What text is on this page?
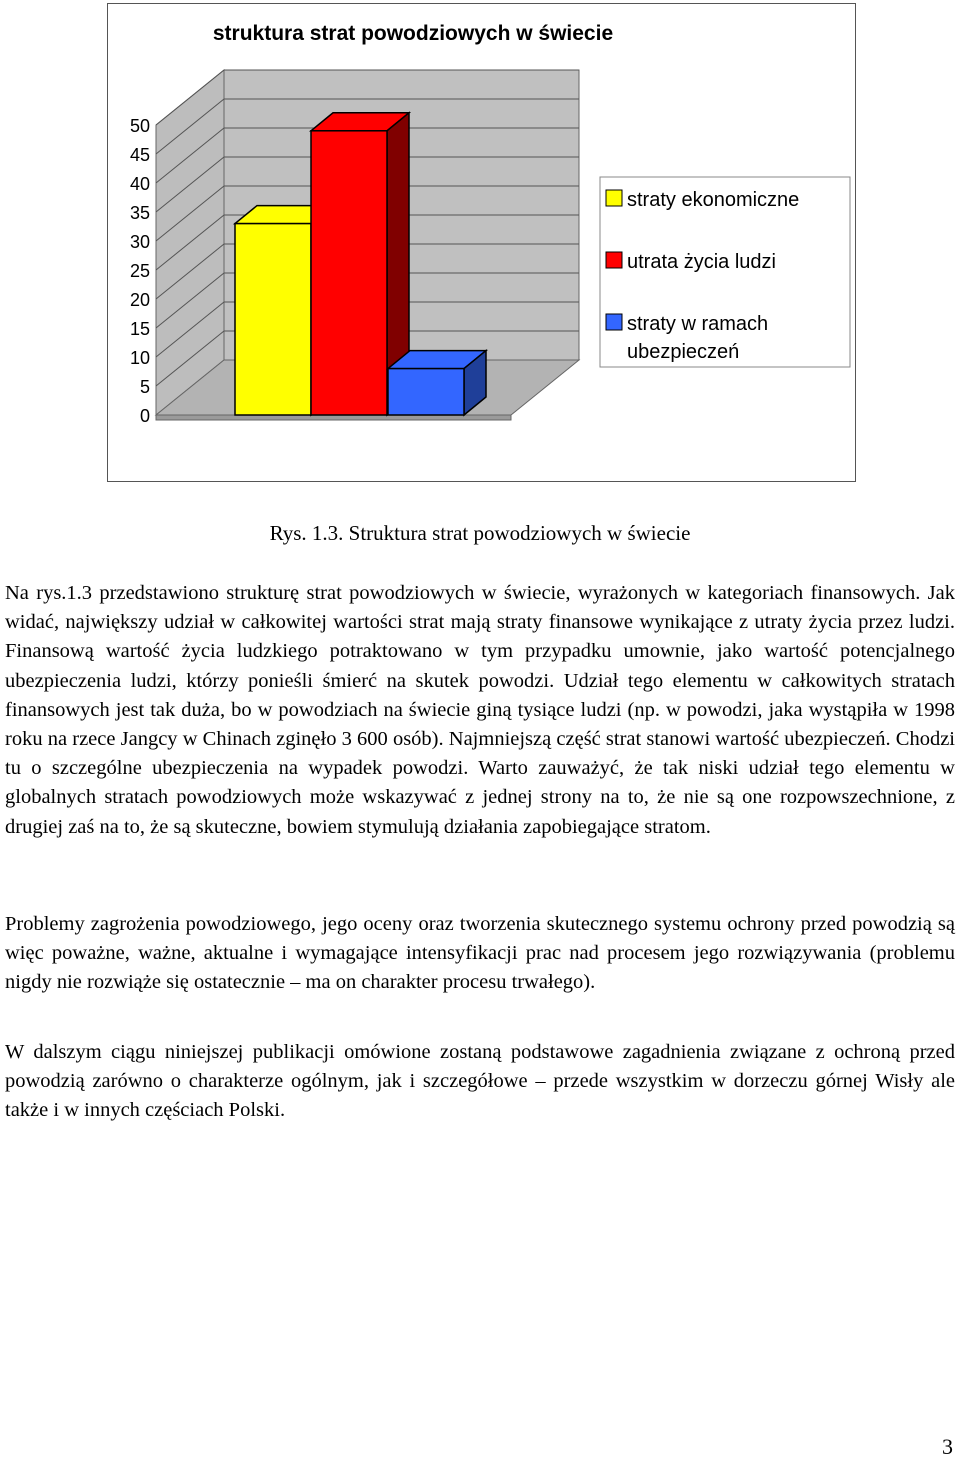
struktura strat powodziowych w świecie
0
5
10
15
20
25
30
35
40
45
50
straty ekonomiczne
utrata życia ludzi
straty w ramach
ubezpieczeń
Rys. 1.3. Struktura strat powodziowych w świecie

Na rys.1.3 przedstawiono strukturę strat powodziowych w świecie, wyrażonych w kategoriach finansowych. Jak widać, największy udział w całkowitej wartości strat mają straty finansowe wynikające z utraty życia przez ludzi. Finansową wartość życia ludzkiego potraktowano w tym przypadku umownie, jako wartość potencjalnego ubezpieczenia ludzi, którzy ponieśli śmierć na skutek powodzi. Udział tego elementu w całkowitych stratach finansowych jest tak duża, bo w powodziach na świecie giną tysiące ludzi (np. w powodzi, jaka wystąpiła w 1998 roku na rzece Jangcy w Chinach zginęło 3 600 osób). Najmniejszą część strat stanowi wartość ubezpieczeń. Chodzi tu o szczególne ubezpieczenia na wypadek powodzi. Warto zauważyć, że tak niski udział tego elementu w globalnych stratach powodziowych może wskazywać z jednej strony na to, że nie są one rozpowszechnione, z drugiej zaś na to, że są skuteczne, bowiem stymulują działania zapobiegające stratom.

Problemy zagrożenia powodziowego, jego oceny oraz tworzenia skutecznego systemu ochrony przed powodzią są więc poważne, ważne, aktualne i wymagające intensyfikacji prac nad procesem jego rozwiązywania (problemu nigdy nie rozwiąże się ostatecznie – ma on charakter procesu trwałego).

W dalszym ciągu niniejszej publikacji omówione zostaną podstawowe zagadnienia związane z ochroną przed powodzią zarówno o charakterze ogólnym, jak i szczegółowe – przede wszystkim w dorzeczu górnej Wisły ale także i w innych częściach Polski.

3
